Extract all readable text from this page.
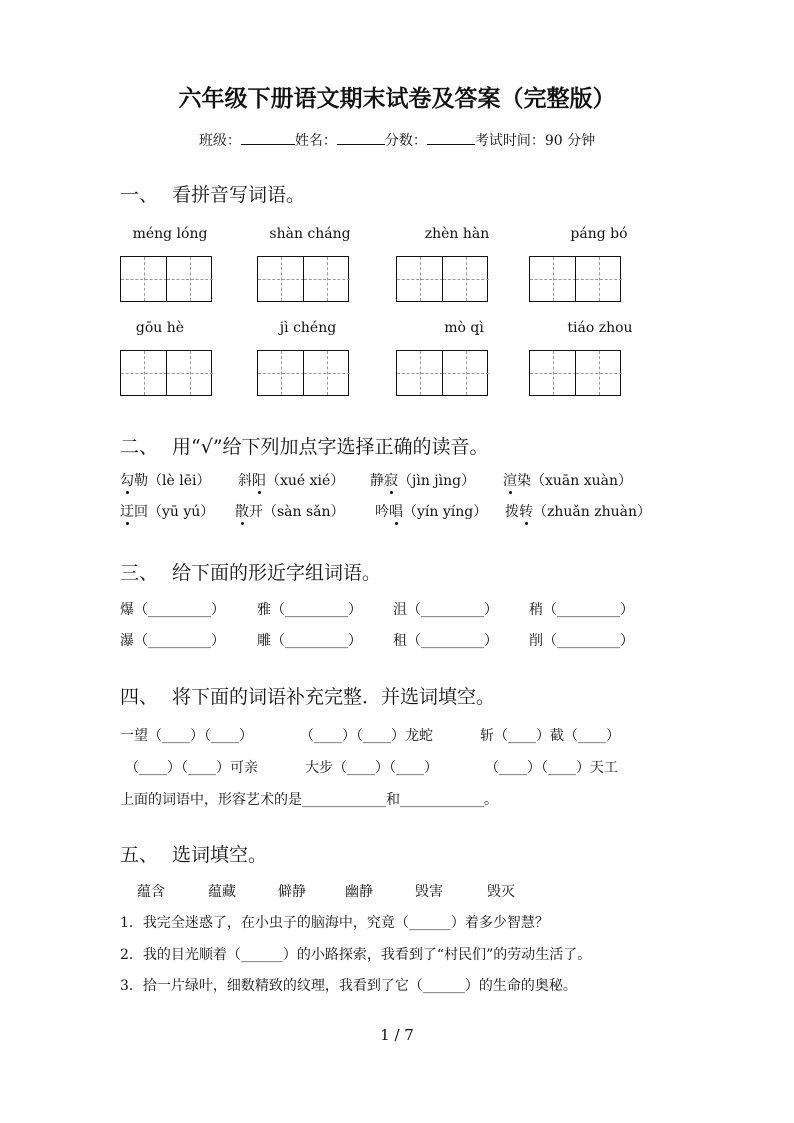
六年级下册语文期末试卷及答案（完整版）
班级：	姓名：	分数：	考试时间：90 分钟
一、 看拼音写词语。
méng lóng	shàn cháng	zhèn hàn	páng bó
gōu hè	jì chéng	mò qì	tiáo zhou
二、 用“√”给下列加点字选择正确的读音。
勾勒（lè lēi） 斜阳（xué xié） 静寂（jìn jìng） 渲染（xuān xuàn）
迂回（yū yú） 散开（sàn sǎn） 吟唱（yín yíng） 拨转（zhuǎn zhuàn）
三、 给下面的形近字组词语。
爆（_________） 雅（_________） 沮（_________） 稍（_________）
瀑（_________） 雕（_________） 租（_________） 削（_________）
四、 将下面的词语补充完整．并选词填空。
一望（____）（____）	（____）（____）龙蛇	斩（____）截（____）
（____）（____）可亲	大步（____）（____）	（____）（____）天工
上面的词语中，形容艺术的是____________和____________。
五、 选词填空。
蕴含	蕴藏	僻静	幽静	毁害	毁灭
1．我完全迷惑了，在小虫子的脑海中，究竟（______）着多少智慧？
2．我的目光顺着（______）的小路探索，我看到了“村民们”的劳动生活了。
3．拾一片绿叶，细数精致的纹理，我看到了它（______）的生命的奥秘。
1 / 7
